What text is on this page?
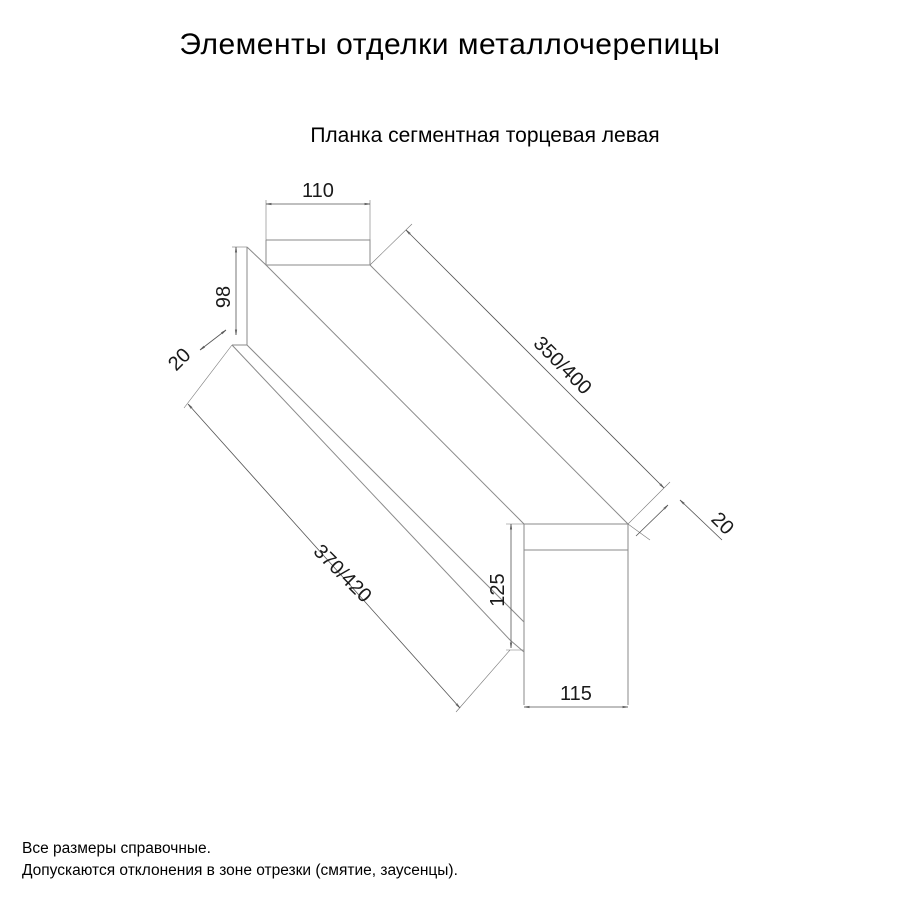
Элементы отделки металлочерепицы
Планка сегментная торцевая левая
110
98
20	350/400
20
370/420	125
115
Все размеры справочные.
Допускаются отклонения в зоне отрезки (смятие, заусенцы).
